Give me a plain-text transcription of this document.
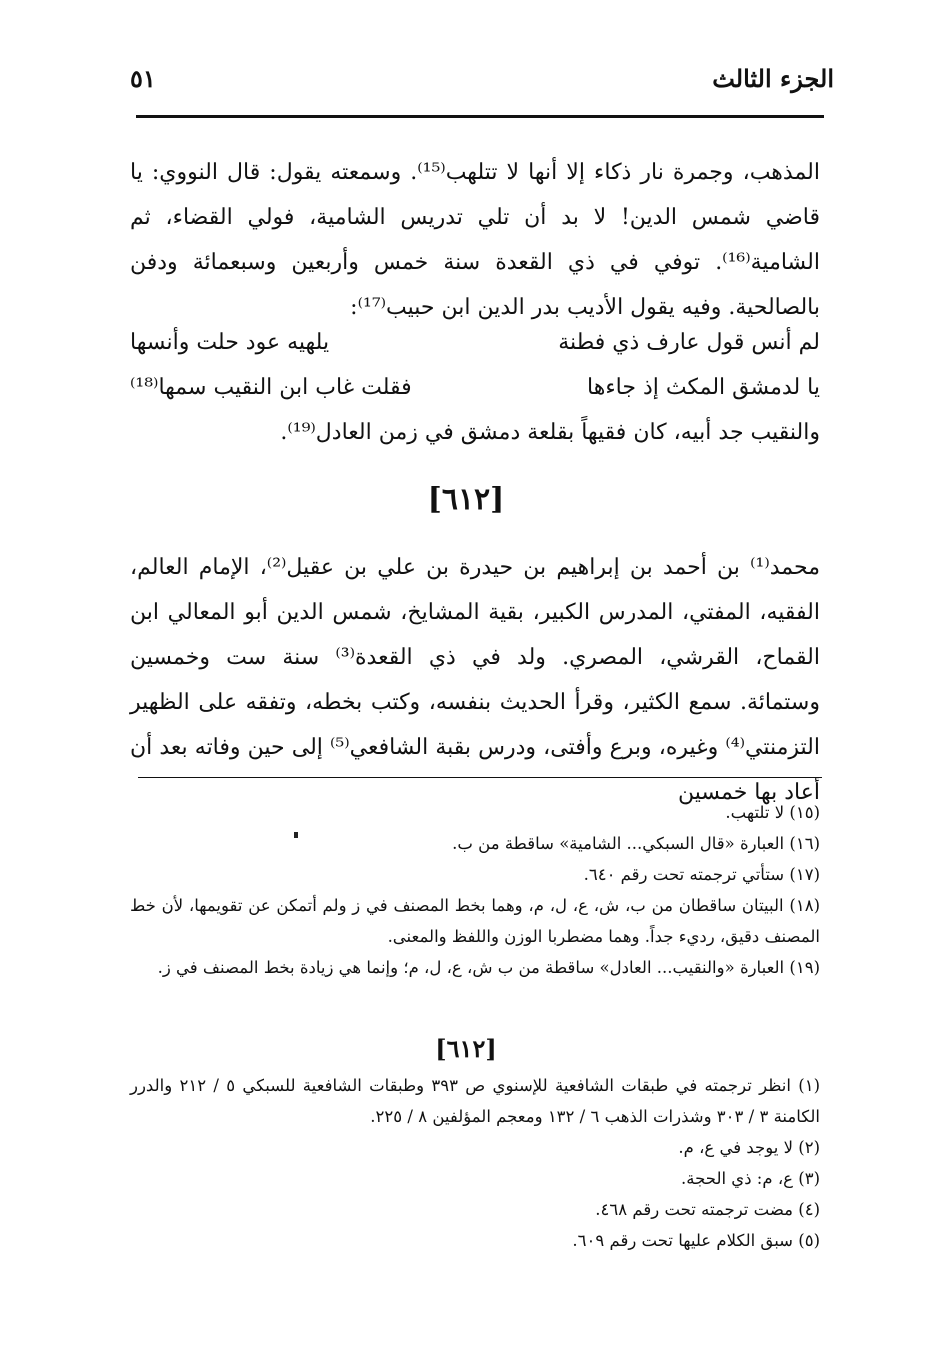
الجزء الثالث
٥١
المذهب، وجمرة نار ذكاء إلا أنها لا تتلهب⁽¹⁵⁾. وسمعته يقول: قال النووي: يا قاضي شمس الدين! لا بد أن تلي تدريس الشامية، فولي القضاء، ثم الشامية⁽¹⁶⁾. توفي في ذي القعدة سنة خمس وأربعين وسبعمائة ودفن بالصالحية. وفيه يقول الأديب بدر الدين ابن حبيب⁽¹⁷⁾:
لم أنس قول عارف ذي فطنة
يلهيه عود حلت وأنسها
يا لدمشق المكث إذ جاءها
فقلت غاب ابن النقيب سمها⁽¹⁸⁾
والنقيب جد أبيه، كان فقيهاً بقلعة دمشق في زمن العادل⁽¹⁹⁾.
[٦١٢]
محمد⁽¹⁾ بن أحمد بن إبراهيم بن حيدرة بن علي بن عقيل⁽²⁾، الإمام العالم، الفقيه، المفتي، المدرس الكبير، بقية المشايخ، شمس الدين أبو المعالي ابن القماح، القرشي، المصري. ولد في ذي القعدة⁽³⁾ سنة ست وخمسين وستمائة. سمع الكثير، وقرأ الحديث بنفسه، وكتب بخطه، وتفقه على الظهير التزمنتي⁽⁴⁾ وغيره، وبرع وأفتى، ودرس بقبة الشافعي⁽⁵⁾ إلى حين وفاته بعد أن أعاد بها خمسين
(١٥) لا تلتهب.
(١٦) العبارة «قال السبكي... الشامية» ساقطة من ب.
(١٧) ستأتي ترجمته تحت رقم ٦٤٠.
(١٨) البيتان ساقطان من ب، ش، ع، ل، م، وهما بخط المصنف في ز ولم أتمكن عن تقويمها، لأن خط المصنف دقيق، رديء جداً. وهما مضطربا الوزن واللفظ والمعنى.
(١٩) العبارة «والنقيب... العادل» ساقطة من ب ش، ع، ل، م؛ وإنما هي زيادة بخط المصنف في ز.
[٦١٢]
(١) انظر ترجمته في طبقات الشافعية للإسنوي ص ٣٩٣ وطبقات الشافعية للسبكي ٥ / ٢١٢ والدرر الكامنة ٣ / ٣٠٣ وشذرات الذهب ٦ / ١٣٢ ومعجم المؤلفين ٨ / ٢٢٥.
(٢) لا يوجد في ع، م.
(٣) ع، م: ذي الحجة.
(٤) مضت ترجمته تحت رقم ٤٦٨.
(٥) سبق الكلام عليها تحت رقم ٦٠٩.
